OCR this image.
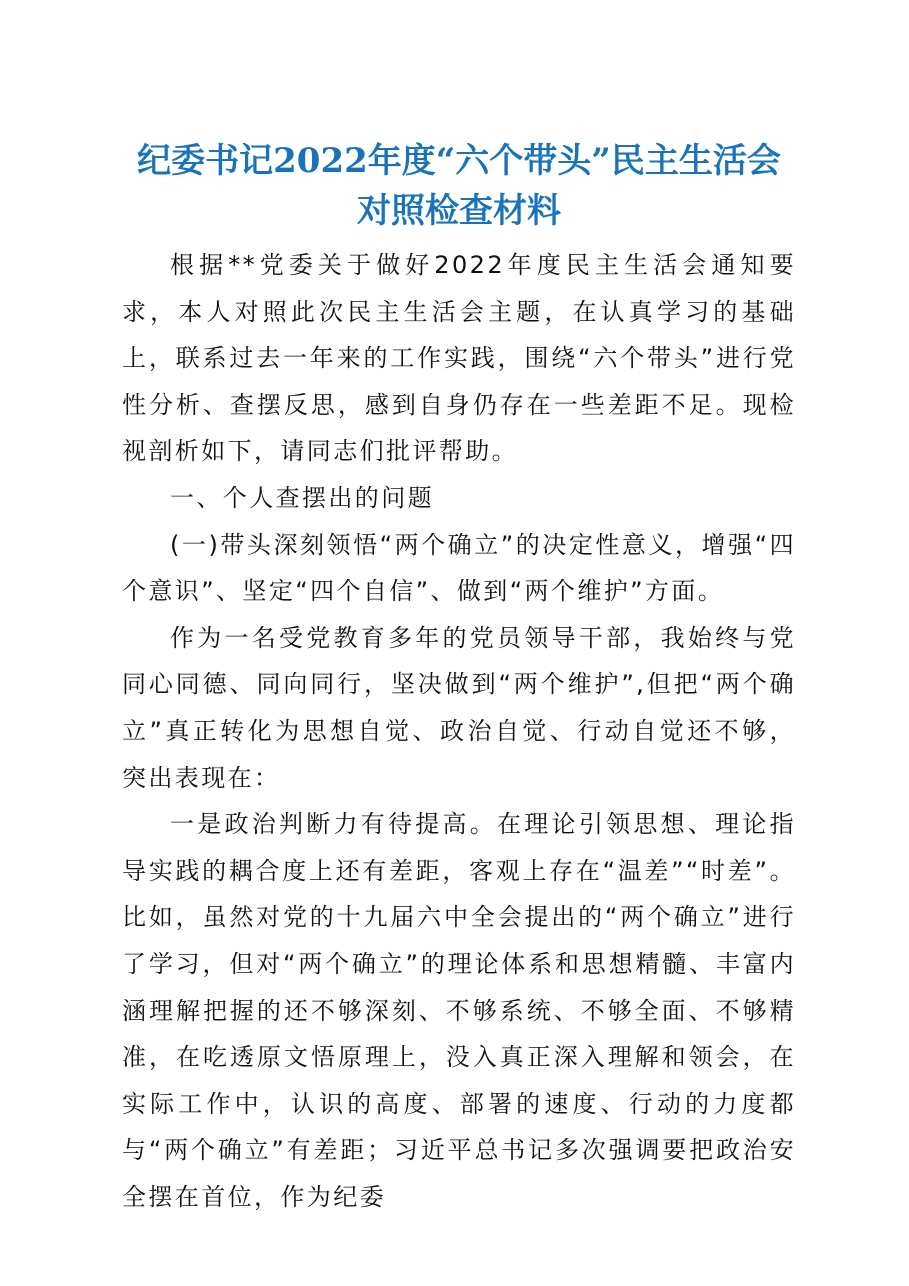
纪委书记2022年度“六个带头”民主生活会
对照检查材料

根据**党委关于做好2022年度民主生活会通知要求，本人对照此次民主生活会主题，在认真学习的基础上，联系过去一年来的工作实践，围绕“六个带头”进行党性分析、查摆反思，感到自身仍存在一些差距不足。现检视剖析如下，请同志们批评帮助。

一、个人查摆出的问题

(一)带头深刻领悟“两个确立”的决定性意义，增强“四个意识”、坚定“四个自信”、做到“两个维护”方面。

作为一名受党教育多年的党员领导干部，我始终与党同心同德、同向同行，坚决做到“两个维护”,但把“两个确立”真正转化为思想自觉、政治自觉、行动自觉还不够，突出表现在：

一是政治判断力有待提高。在理论引领思想、理论指导实践的耦合度上还有差距，客观上存在“温差”“时差”。比如，虽然对党的十九届六中全会提出的“两个确立”进行了学习，但对“两个确立”的理论体系和思想精髓、丰富内涵理解把握的还不够深刻、不够系统、不够全面、不够精准，在吃透原文悟原理上，没入真正深入理解和领会，在实际工作中，认识的高度、部署的速度、行动的力度都与“两个确立”有差距；习近平总书记多次强调要把政治安全摆在首位，作为纪委
